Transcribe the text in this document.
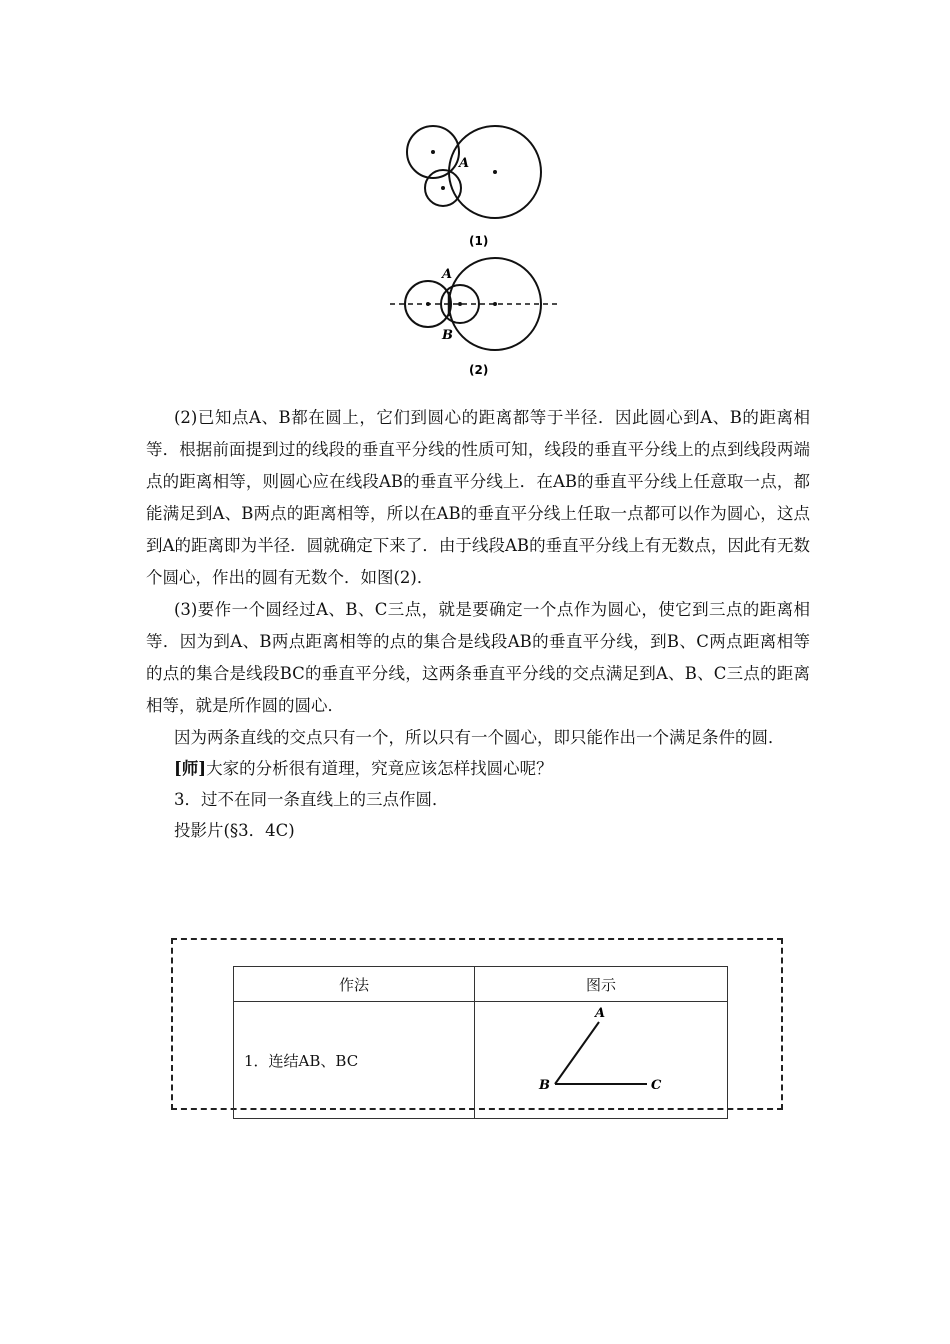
A
(1)
A
B
(2)

(2)已知点A、B都在圆上，它们到圆心的距离都等于半径．因此圆心到A、B的距离相等．根据前面提到过的线段的垂直平分线的性质可知，线段的垂直平分线上的点到线段两端点的距离相等，则圆心应在线段AB的垂直平分线上．在AB的垂直平分线上任意取一点，都能满足到A、B两点的距离相等，所以在AB的垂直平分线上任取一点都可以作为圆心，这点到A的距离即为半径．圆就确定下来了．由于线段AB的垂直平分线上有无数点，因此有无数个圆心，作出的圆有无数个．如图(2)．

(3)要作一个圆经过A、B、C三点，就是要确定一个点作为圆心，使它到三点的距离相等．因为到A、B两点距离相等的点的集合是线段AB的垂直平分线，到B、C两点距离相等的点的集合是线段BC的垂直平分线，这两条垂直平分线的交点满足到A、B、C三点的距离相等，就是所作圆的圆心．

因为两条直线的交点只有一个，所以只有一个圆心，即只能作出一个满足条件的圆．

[师]大家的分析很有道理，究竟应该怎样找圆心呢？

3．过不在同一条直线上的三点作圆．

投影片(§3．4C)

作法	图示
1．连结AB、BC	A
B C
